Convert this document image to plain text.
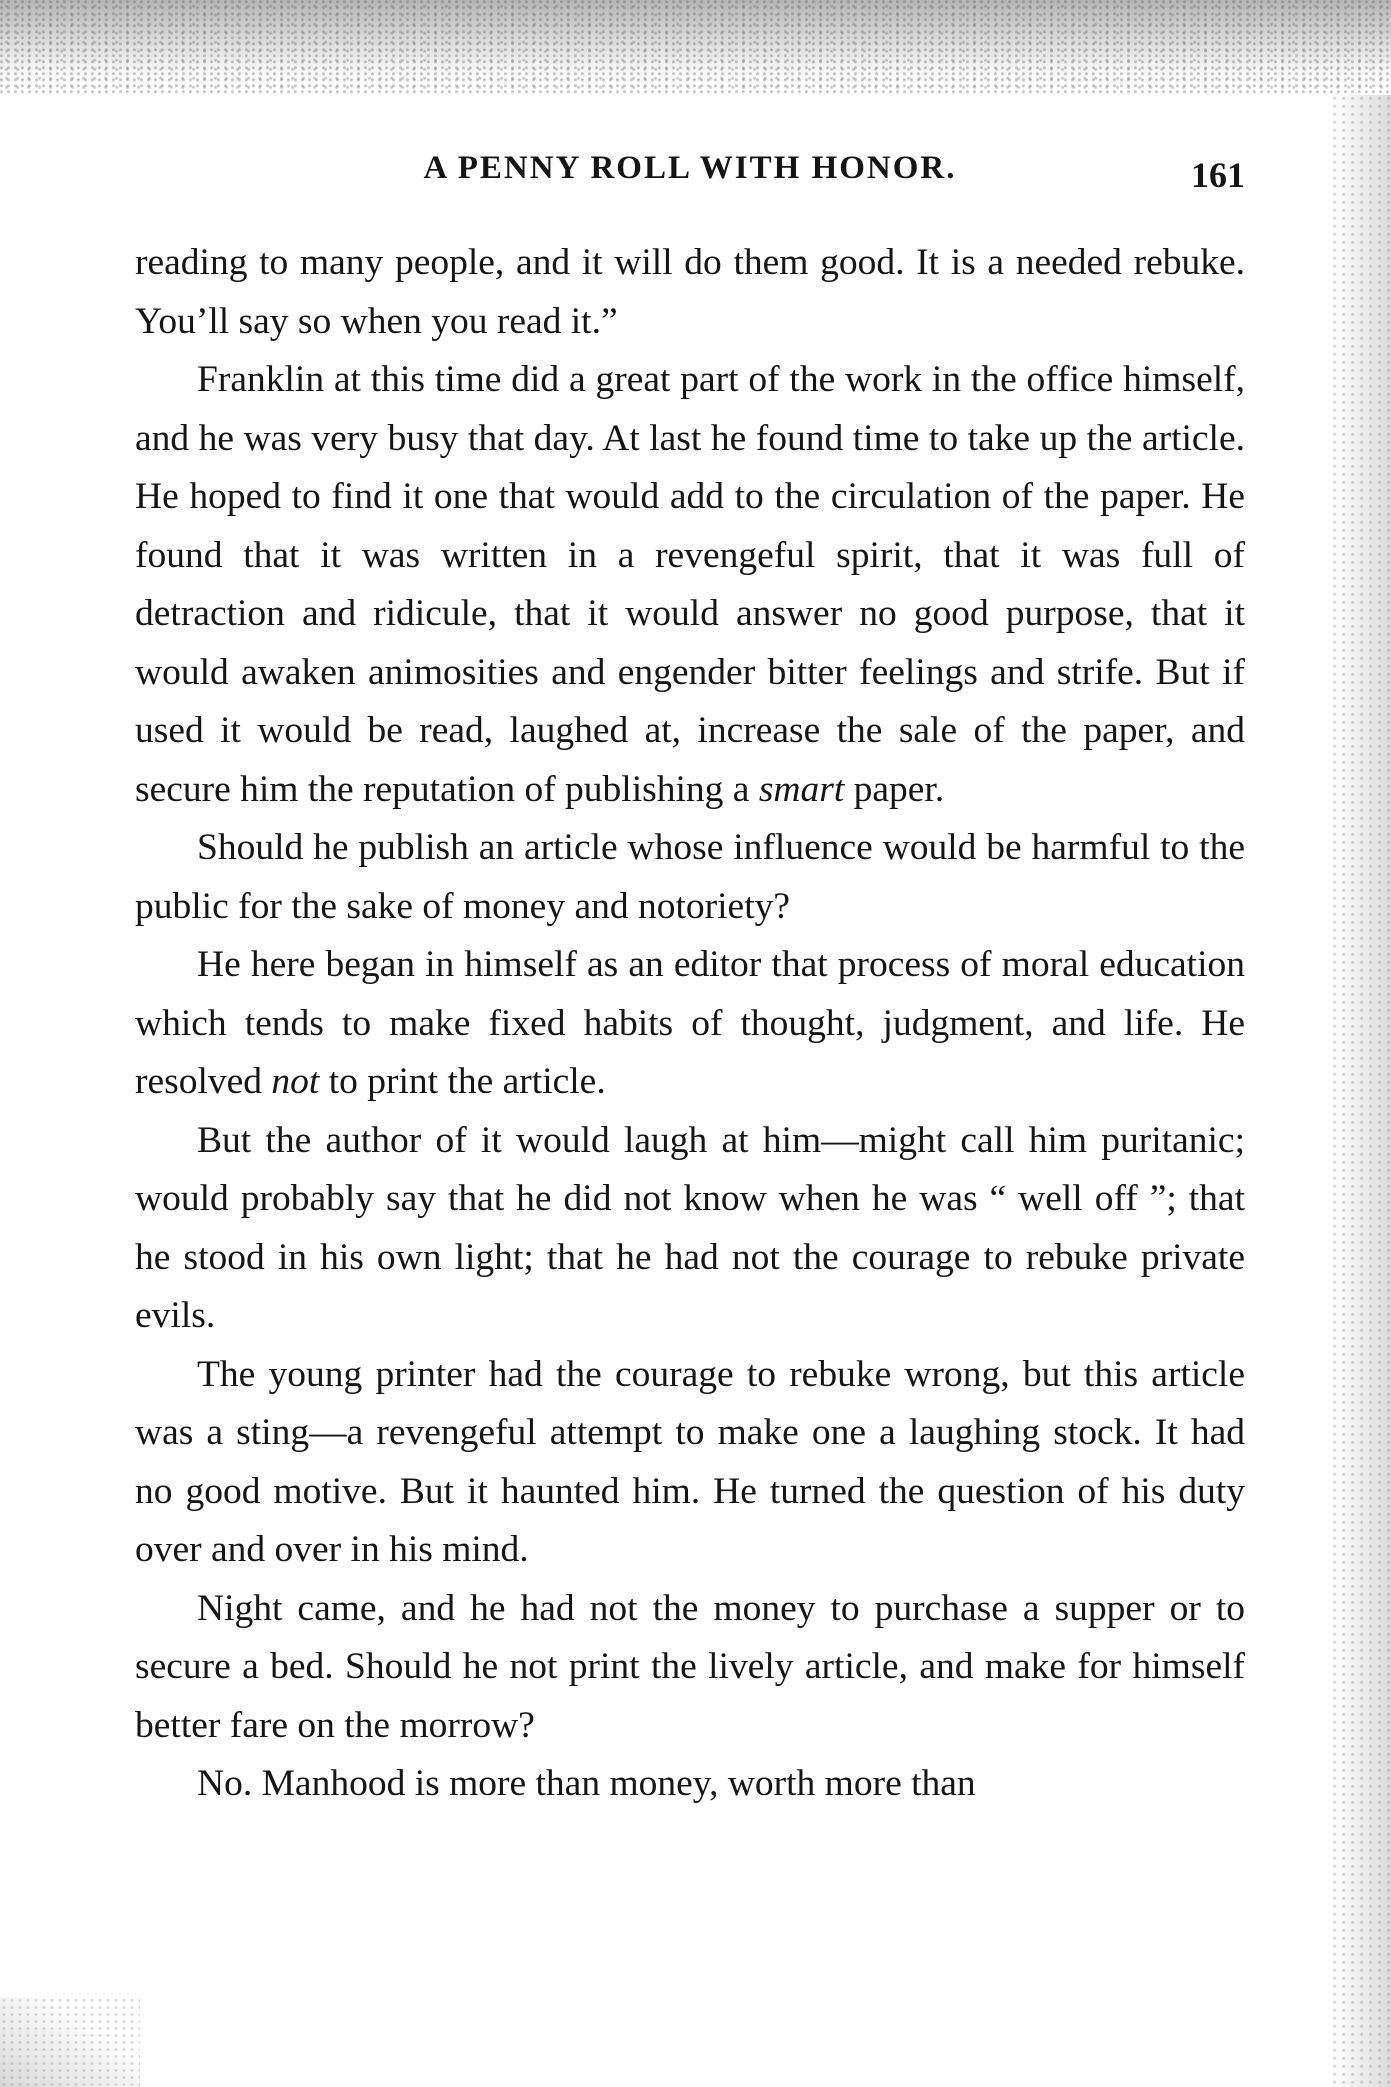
A PENNY ROLL WITH HONOR.	161

reading to many people, and it will do them good. It is a needed rebuke. You’ll say so when you read it.”

Franklin at this time did a great part of the work in the office himself, and he was very busy that day. At last he found time to take up the article. He hoped to find it one that would add to the circulation of the paper. He found that it was written in a revengeful spirit, that it was full of detraction and ridicule, that it would answer no good purpose, that it would awaken animosities and engender bitter feelings and strife. But if used it would be read, laughed at, increase the sale of the paper, and secure him the reputation of publishing a smart paper.

Should he publish an article whose influence would be harmful to the public for the sake of money and notoriety?

He here began in himself as an editor that process of moral education which tends to make fixed habits of thought, judgment, and life. He resolved not to print the article.

But the author of it would laugh at him—might call him puritanic; would probably say that he did not know when he was “ well off ”; that he stood in his own light; that he had not the courage to rebuke private evils.

The young printer had the courage to rebuke wrong, but this article was a sting—a revengeful attempt to make one a laughing stock. It had no good motive. But it haunted him. He turned the question of his duty over and over in his mind.

Night came, and he had not the money to purchase a supper or to secure a bed. Should he not print the lively article, and make for himself better fare on the morrow?

No. Manhood is more than money, worth more than
